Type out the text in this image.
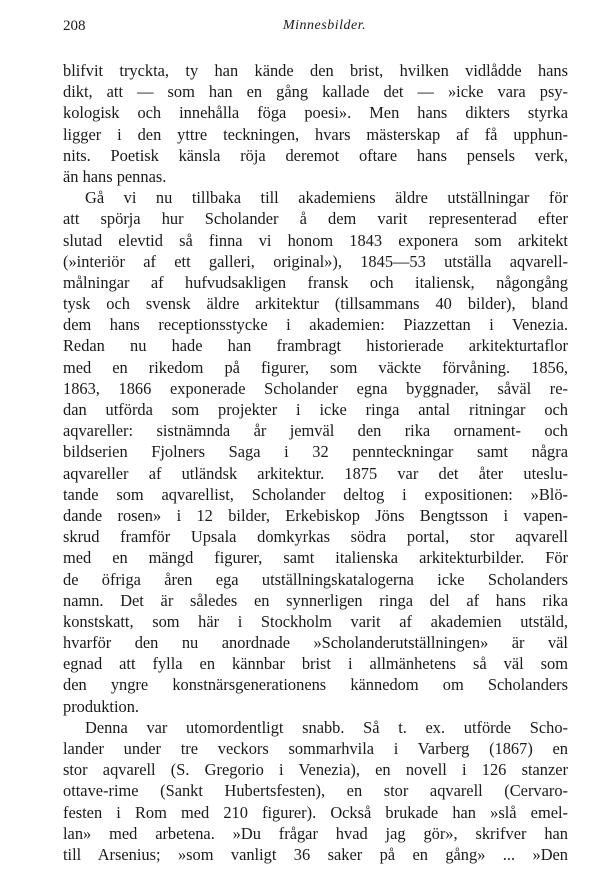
208	Minnesbilder.
blifvit tryckta, ty han kände den brist, hvilken vidlådde hans
dikt, att — som han en gång kallade det — »icke vara psy-
kologisk och innehålla föga poesi». Men hans dikters styrka
ligger i den yttre teckningen, hvars mästerskap af få upphun-
nits. Poetisk känsla röja deremot oftare hans pensels verk,
än hans pennas.
Gå vi nu tillbaka till akademiens äldre utställningar för
att spörja hur Scholander å dem varit representerad efter
slutad elevtid så finna vi honom 1843 exponera som arkitekt
(»interiör af ett galleri, original»), 1845—53 utställa aqvarell-
målningar af hufvudsakligen fransk och italiensk, någongång
tysk och svensk äldre arkitektur (tillsammans 40 bilder), bland
dem hans receptionsstycke i akademien: Piazzettan i Venezia.
Redan nu hade han frambragt historierade arkitekturtaflor
med en rikedom på figurer, som väckte förvåning. 1856,
1863, 1866 exponerade Scholander egna byggnader, såväl re-
dan utförda som projekter i icke ringa antal ritningar och
aqvareller: sistnämnda år jemväl den rika ornament- och
bildserien Fjolners Saga i 32 pennteckningar samt några
aqvareller af utländsk arkitektur. 1875 var det åter uteslu-
tande som aqvarellist, Scholander deltog i expositionen: »Blö-
dande rosen» i 12 bilder, Erkebiskop Jöns Bengtsson i vapen-
skrud framför Upsala domkyrkas södra portal, stor aqvarell
med en mängd figurer, samt italienska arkitekturbilder. För
de öfriga åren ega utställningskatalogerna icke Scholanders
namn. Det är således en synnerligen ringa del af hans rika
konstskatt, som här i Stockholm varit af akademien utstäld,
hvarför den nu anordnade »Scholanderutställningen» är väl
egnad att fylla en kännbar brist i allmänhetens så väl som
den yngre konstnärsgenerationens kännedom om Scholanders
produktion.
Denna var utomordentligt snabb. Så t. ex. utförde Scho-
lander under tre veckors sommarhvila i Varberg (1867) en
stor aqvarell (S. Gregorio i Venezia), en novell i 126 stanzer
ottave-rime (Sankt Hubertsfesten), en stor aqvarell (Cervaro-
festen i Rom med 210 figurer). Också brukade han »slå emel-
lan» med arbetena. »Du frågar hvad jag gör», skrifver han
till Arsenius; »som vanligt 36 saker på en gång» ... »Den
